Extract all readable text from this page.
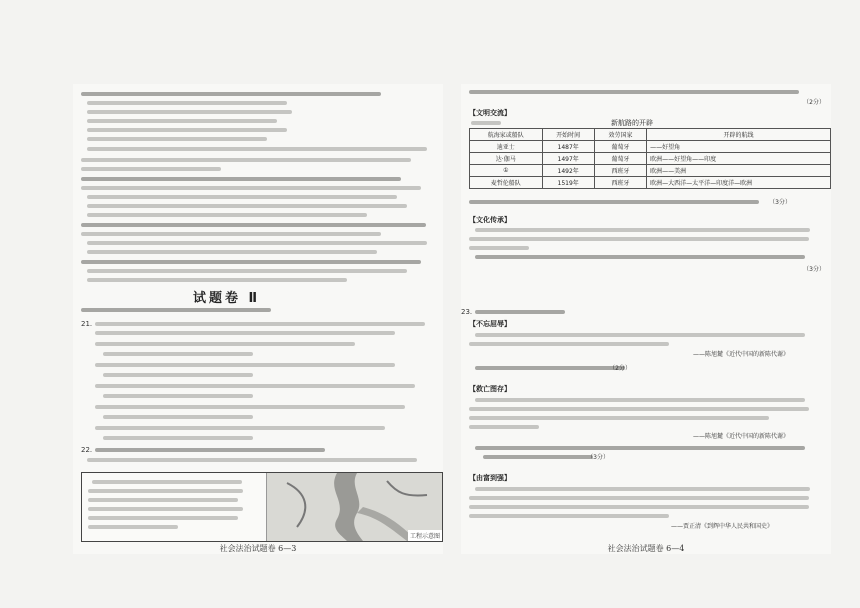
试题卷 Ⅱ
21.
22.
工程示意图
社会法治试题卷 6—3
（2分）
【文明交流】
新航路的开辟
航海家或船队	开始时间	效劳国家	开辟的航线
迪亚士	1487年	葡萄牙	——好望角
达·伽马	1497年	葡萄牙	欧洲——好望角——印度
①	1492年	西班牙	欧洲——美洲
麦哲伦船队	1519年	西班牙	欧洲—大西洋—太平洋—印度洋—欧洲
（3分）
【文化传承】
（3分）
23.
【不忘屈辱】
——陈旭麓《近代中国的新陈代谢》
（2分）
【救亡图存】
——陈旭麓《近代中国的新陈代谢》
（3分）
【由富到强】
——贾正清《到辉中华人民共和国史》
社会法治试题卷 6—4
